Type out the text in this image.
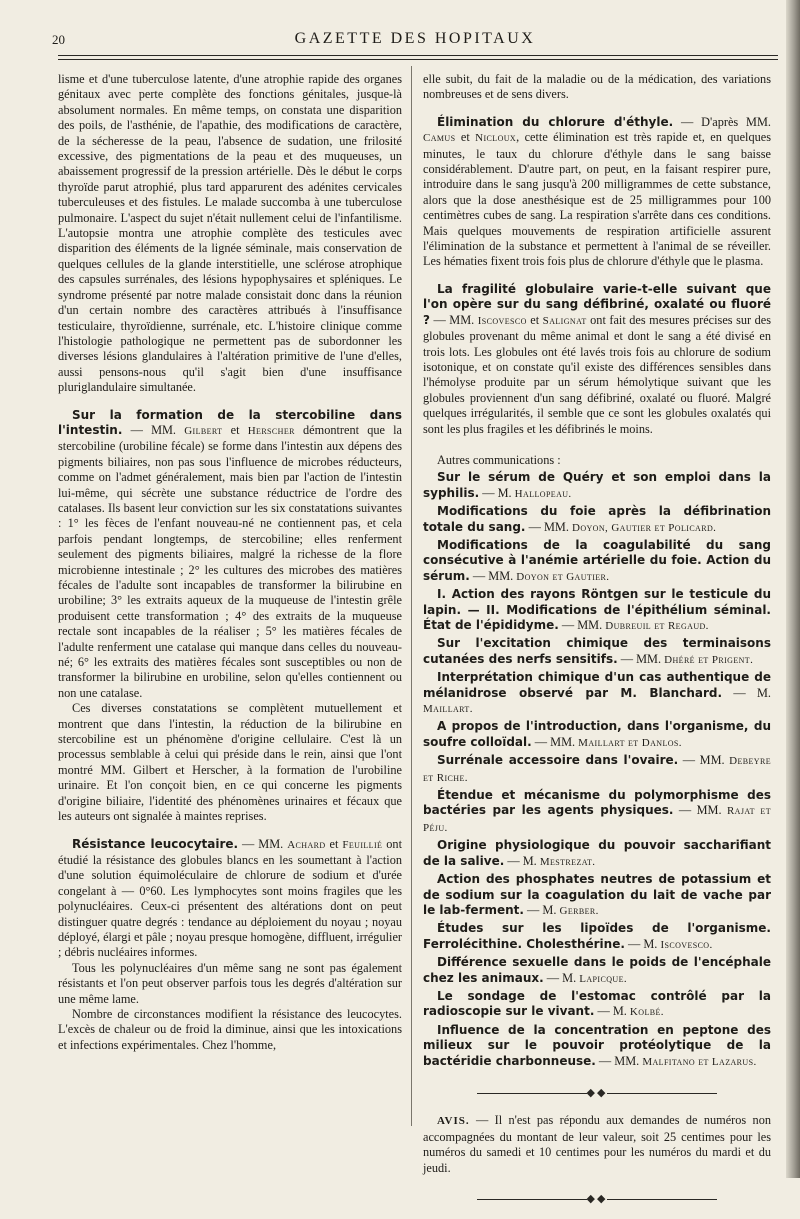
20	GAZETTE DES HOPITAUX

lisme et d'une tuberculose latente, d'une atrophie rapide des organes génitaux avec perte complète des fonctions génitales, jusque-là absolument normales. En même temps, on constata une disparition des poils, de l'asthénie, de l'apathie, des modifications de caractère, de la sécheresse de la peau, l'absence de sudation, une frilosité excessive, des pigmentations de la peau et des muqueuses, un abaissement progressif de la pression artérielle. Dès le début le corps thyroïde parut atrophié, plus tard apparurent des adénites cervicales tuberculeuses et des fistules. Le malade succomba à une tuberculose pulmonaire. L'aspect du sujet n'était nullement celui de l'infantilisme. L'autopsie montra une atrophie complète des testicules avec disparition des éléments de la lignée séminale, mais conservation de quelques cellules de la glande interstitielle, une sclérose atrophique des capsules surrénales, des lésions hypophysaires et spléniques. Le syndrome présenté par notre malade consistait donc dans la réunion d'un certain nombre des caractères attribués à l'insuffisance testiculaire, thyroïdienne, surrénale, etc. L'histoire clinique comme l'histologie pathologique ne permettent pas de subordonner les diverses lésions glandulaires à l'altération primitive de l'une d'elles, aussi pensons-nous qu'il s'agit bien d'une insuffisance pluriglandulaire simultanée.

Sur la formation de la stercobiline dans l'intestin. — MM. Gilbert et Herscher démontrent que la stercobiline (urobiline fécale) se forme dans l'intestin aux dépens des pigments biliaires, non pas sous l'influence de microbes réducteurs, comme on l'admet généralement, mais bien par l'action de l'intestin lui-même, qui sécrète une substance réductrice de l'ordre des catalases. Ils basent leur conviction sur les six constatations suivantes : 1° les fèces de l'enfant nouveau-né ne contiennent pas, et cela parfois pendant longtemps, de stercobiline; elles renferment seulement des pigments biliaires, malgré la richesse de la flore microbienne intestinale ; 2° les cultures des microbes des matières fécales de l'adulte sont incapables de transformer la bilirubine en urobiline; 3° les extraits aqueux de la muqueuse de l'intestin grêle produisent cette transformation ; 4° des extraits de la muqueuse rectale sont incapables de la réaliser ; 5° les matières fécales de l'adulte renferment une catalase qui manque dans celles du nouveau-né; 6° les extraits des matières fécales sont susceptibles ou non de transformer la bilirubine en urobiline, selon qu'elles contiennent ou non une catalase.

Ces diverses constatations se complètent mutuellement et montrent que dans l'intestin, la réduction de la bilirubine en stercobiline est un phénomène d'origine cellulaire. C'est là un processus semblable à celui qui préside dans le rein, ainsi que l'ont montré MM. Gilbert et Herscher, à la formation de l'urobiline urinaire. Et l'on conçoit bien, en ce qui concerne les pigments d'origine biliaire, l'identité des phénomènes urinaires et fécaux que les auteurs ont signalée à maintes reprises.

Résistance leucocytaire. — MM. Achard et Feuillié ont étudié la résistance des globules blancs en les soumettant à l'action d'une solution équimoléculaire de chlorure de sodium et d'urée congelant à — 0°60. Les lymphocytes sont moins fragiles que les polynucléaires. Ceux-ci présentent des altérations dont on peut distinguer quatre degrés : tendance au déploiement du noyau ; noyau déployé, élargi et pâle ; noyau presque homogène, diffluent, irrégulier ; débris nucléaires informes.

Tous les polynucléaires d'un même sang ne sont pas également résistants et l'on peut observer parfois tous les degrés d'altération sur une même lame.

Nombre de circonstances modifient la résistance des leucocytes. L'excès de chaleur ou de froid la diminue, ainsi que les intoxications et infections expérimentales. Chez l'homme,

elle subit, du fait de la maladie ou de la médication, des variations nombreuses et de sens divers.

Élimination du chlorure d'éthyle. — D'après MM. Camus et Nicloux, cette élimination est très rapide et, en quelques minutes, le taux du chlorure d'éthyle dans le sang baisse considérablement. D'autre part, on peut, en la faisant respirer pure, introduire dans le sang jusqu'à 200 milligrammes de cette substance, alors que la dose anesthésique est de 25 milligrammes pour 100 centimètres cubes de sang. La respiration s'arrête dans ces conditions. Mais quelques mouvements de respiration artificielle assurent l'élimination de la substance et permettent à l'animal de se réveiller. Les hématies fixent trois fois plus de chlorure d'éthyle que le plasma.

La fragilité globulaire varie-t-elle suivant que l'on opère sur du sang défibriné, oxalaté ou fluoré ? — MM. Iscovesco et Salignat ont fait des mesures précises sur des globules provenant du même animal et dont le sang a été divisé en trois lots. Les globules ont été lavés trois fois au chlorure de sodium isotonique, et on constate qu'il existe des différences sensibles dans l'hémolyse produite par un sérum hémolytique suivant que les globules proviennent d'un sang défibriné, oxalaté ou fluoré. Malgré quelques irrégularités, il semble que ce sont les globules oxalatés qui sont les plus fragiles et les défibrinés le moins.

Autres communications :

Sur le sérum de Quéry et son emploi dans la syphilis. — M. Hallopeau.

Modifications du foie après la défibrination totale du sang. — MM. Doyon, Gautier et Policard.

Modifications de la coagulabilité du sang consécutive à l'anémie artérielle du foie. Action du sérum. — MM. Doyon et Gautier.

I. Action des rayons Röntgen sur le testicule du lapin. — II. Modifications de l'épithélium séminal. État de l'épididyme. — MM. Dubreuil et Regaud.

Sur l'excitation chimique des terminaisons cutanées des nerfs sensitifs. — MM. Dhéré et Prigent.

Interprétation chimique d'un cas authentique de mélanidrose observé par M. Blanchard. — M. Maillart.

A propos de l'introduction, dans l'organisme, du soufre colloïdal. — MM. Maillart et Danlos.

Surrénale accessoire dans l'ovaire. — MM. Debeyre et Riche.

Étendue et mécanisme du polymorphisme des bactéries par les agents physiques. — MM. Rajat et Péju.

Origine physiologique du pouvoir saccharifiant de la salive. — M. Mestrezat.

Action des phosphates neutres de potassium et de sodium sur la coagulation du lait de vache par le lab-ferment. — M. Gerber.

Études sur les lipoïdes de l'organisme. Ferrolécithine. Cholesthérine. — M. Iscovesco.

Différence sexuelle dans le poids de l'encéphale chez les animaux. — M. Lapicque.

Le sondage de l'estomac contrôlé par la radioscopie sur le vivant. — M. Kolbé.

Influence de la concentration en peptone des milieux sur le pouvoir protéolytique de la bactéridie charbonneuse. — MM. Malfitano et Lazarus.

◆◆

AVIS. — Il n'est pas répondu aux demandes de numéros non accompagnées du montant de leur valeur, soit 25 centimes pour les numéros du samedi et 10 centimes pour les numéros du mardi et du jeudi.

◆◆
